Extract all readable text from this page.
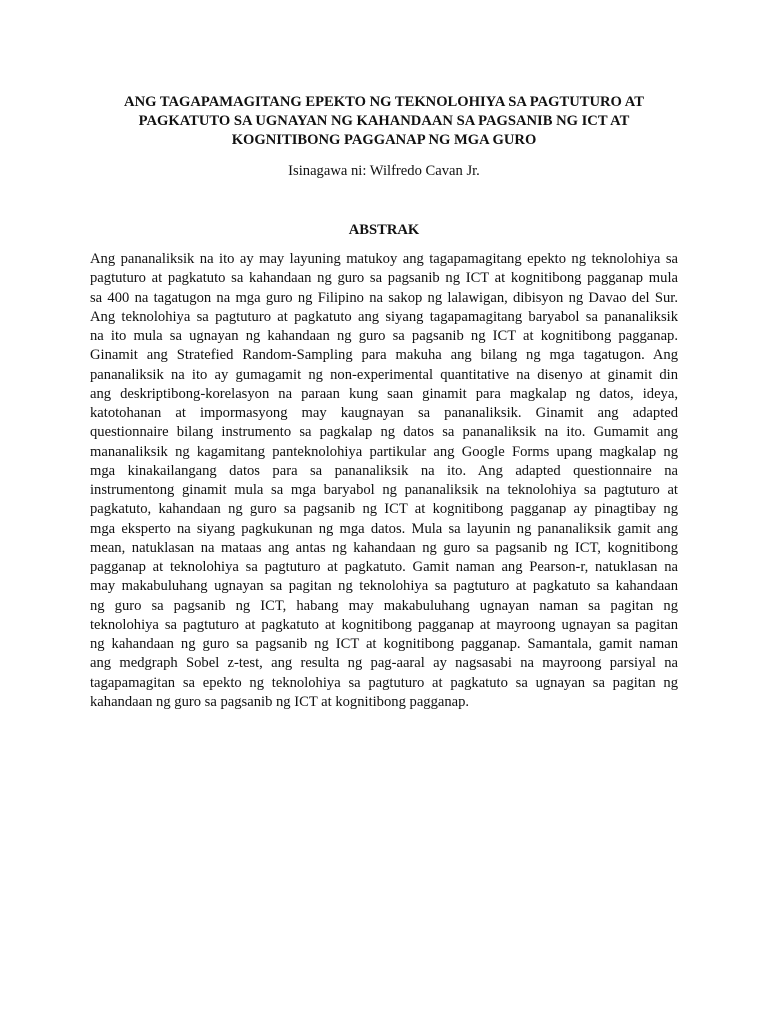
ANG TAGAPAMAGITANG EPEKTO NG TEKNOLOHIYA SA PAGTUTURO AT
PAGKATUTO SA UGNAYAN NG KAHANDAAN SA PAGSANIB NG ICT AT
KOGNITIBONG PAGGANAP NG MGA GURO
Isinagawa ni: Wilfredo Cavan Jr.
ABSTRAK
Ang pananaliksik na ito ay may layuning matukoy ang tagapamagitang epekto ng teknolohiya sa
pagtuturo at pagkatuto sa kahandaan ng guro sa pagsanib ng ICT at kognitibong pagganap mula
sa 400 na tagatugon na mga guro ng Filipino na sakop ng lalawigan, dibisyon ng Davao del Sur.
Ang teknolohiya sa pagtuturo at pagkatuto ang siyang tagapamagitang baryabol sa pananaliksik
na ito mula sa ugnayan ng kahandaan ng guro sa pagsanib ng ICT at kognitibong pagganap.
Ginamit ang Stratefied Random-Sampling para makuha ang bilang ng mga tagatugon. Ang
pananaliksik na ito ay gumagamit ng non-experimental quantitative na disenyo at ginamit din
ang deskriptibong-korelasyon na paraan kung saan ginamit para magkalap ng datos, ideya,
katotohanan at impormasyong may kaugnayan sa pananaliksik. Ginamit ang adapted
questionnaire bilang instrumento sa pagkalap ng datos sa pananaliksik na ito. Gumamit ang
mananaliksik ng kagamitang panteknolohiya partikular ang Google Forms upang magkalap ng
mga kinakailangang datos para sa pananaliksik na ito. Ang adapted questionnaire na
instrumentong ginamit mula sa mga baryabol ng pananaliksik na teknolohiya sa pagtuturo at
pagkatuto, kahandaan ng guro sa pagsanib ng ICT at kognitibong pagganap ay pinagtibay ng
mga eksperto na siyang pagkukunan ng mga datos. Mula sa layunin ng pananaliksik gamit ang
mean, natuklasan na mataas ang antas ng kahandaan ng guro sa pagsanib ng ICT, kognitibong
pagganap at teknolohiya sa pagtuturo at pagkatuto. Gamit naman ang Pearson-r, natuklasan na
may makabuluhang ugnayan sa pagitan ng teknolohiya sa pagtuturo at pagkatuto sa kahandaan
ng guro sa pagsanib ng ICT, habang may makabuluhang ugnayan naman sa pagitan ng
teknolohiya sa pagtuturo at pagkatuto at kognitibong pagganap at mayroong ugnayan sa pagitan
ng kahandaan ng guro sa pagsanib ng ICT at kognitibong pagganap. Samantala, gamit naman
ang medgraph Sobel z-test, ang resulta ng pag-aaral ay nagsasabi na mayroong parsiyal na
tagapamagitan sa epekto ng teknolohiya sa pagtuturo at pagkatuto sa ugnayan sa pagitan ng
kahandaan ng guro sa pagsanib ng ICT at kognitibong pagganap.
